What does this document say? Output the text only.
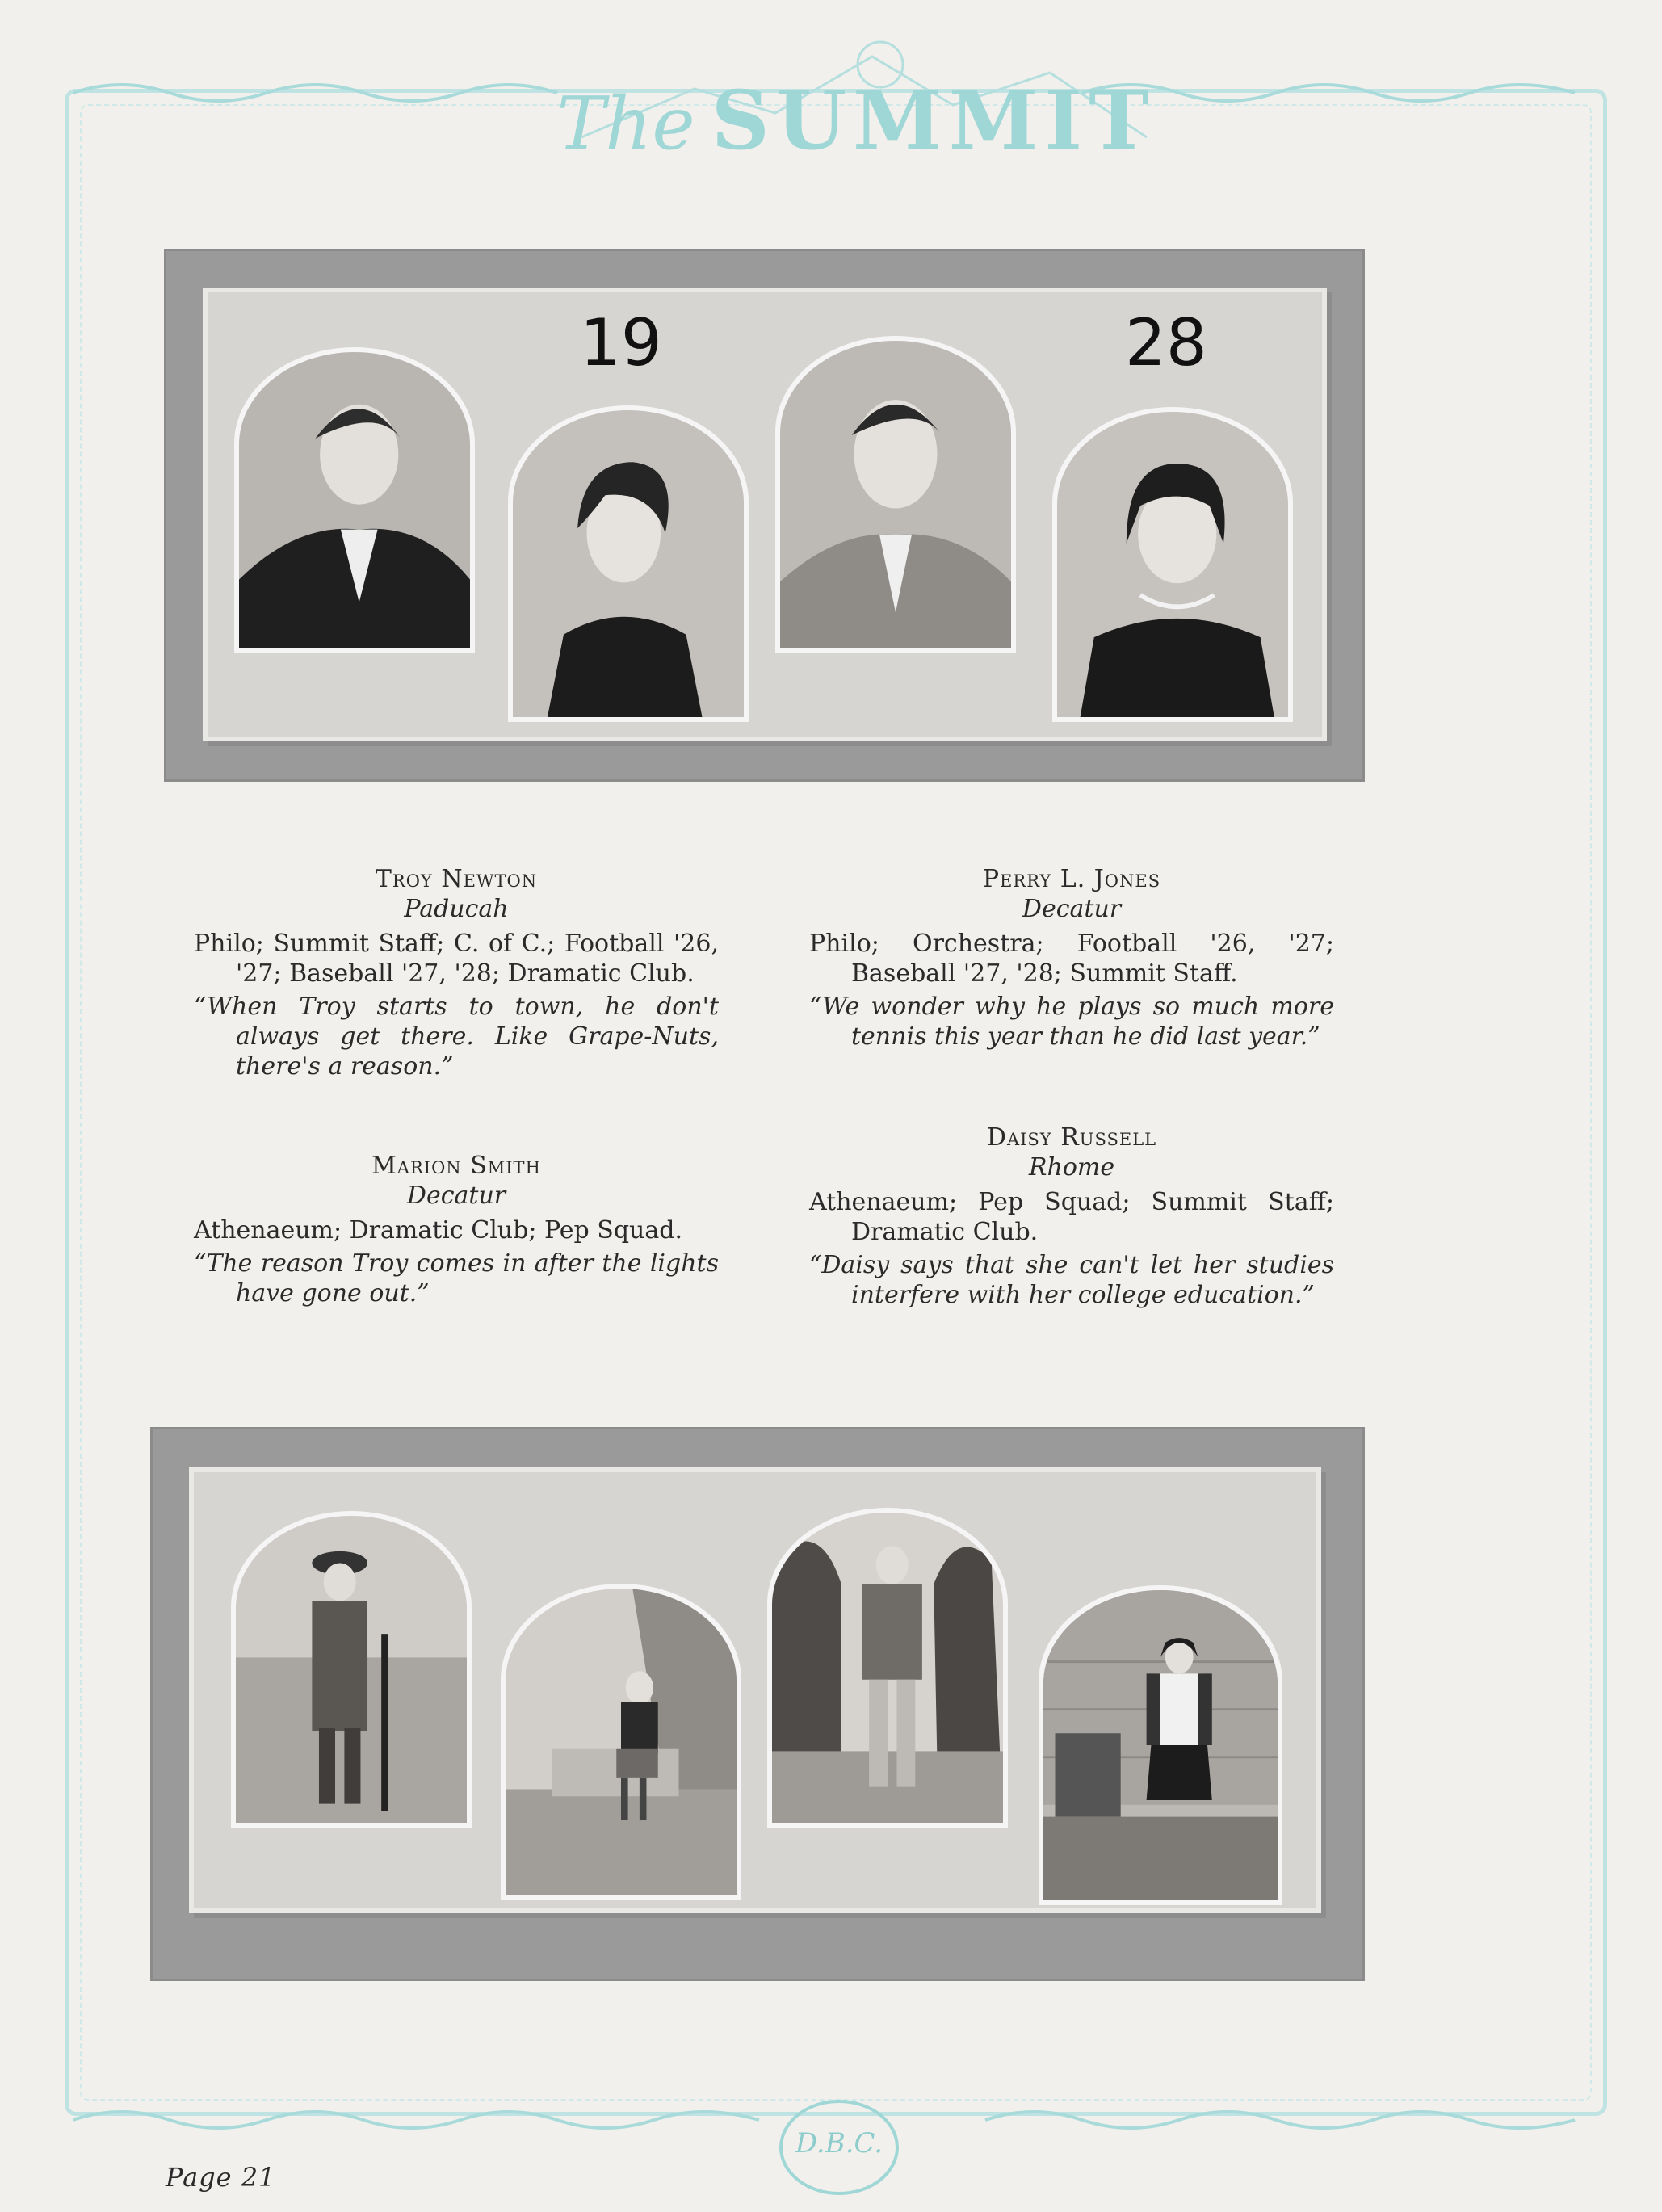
The SUMMIT
19	28
Troy Newton
Paducah
Philo; Summit Staff; C. of C.; Football '26, '27; Baseball '27, '28; Dramatic Club.
“When Troy starts to town, he don't always get there. Like Grape-Nuts, there's a reason.”
Marion Smith
Decatur
Athenaeum; Dramatic Club; Pep Squad.
“The reason Troy comes in after the lights have gone out.”
Perry L. Jones
Decatur
Philo; Orchestra; Football '26, '27; Baseball '27, '28; Summit Staff.
“We wonder why he plays so much more tennis this year than he did last year.”
Daisy Russell
Rhome
Athenaeum; Pep Squad; Summit Staff; Dramatic Club.
“Daisy says that she can't let her studies interfere with her college education.”
Page 21
D.B.C.
